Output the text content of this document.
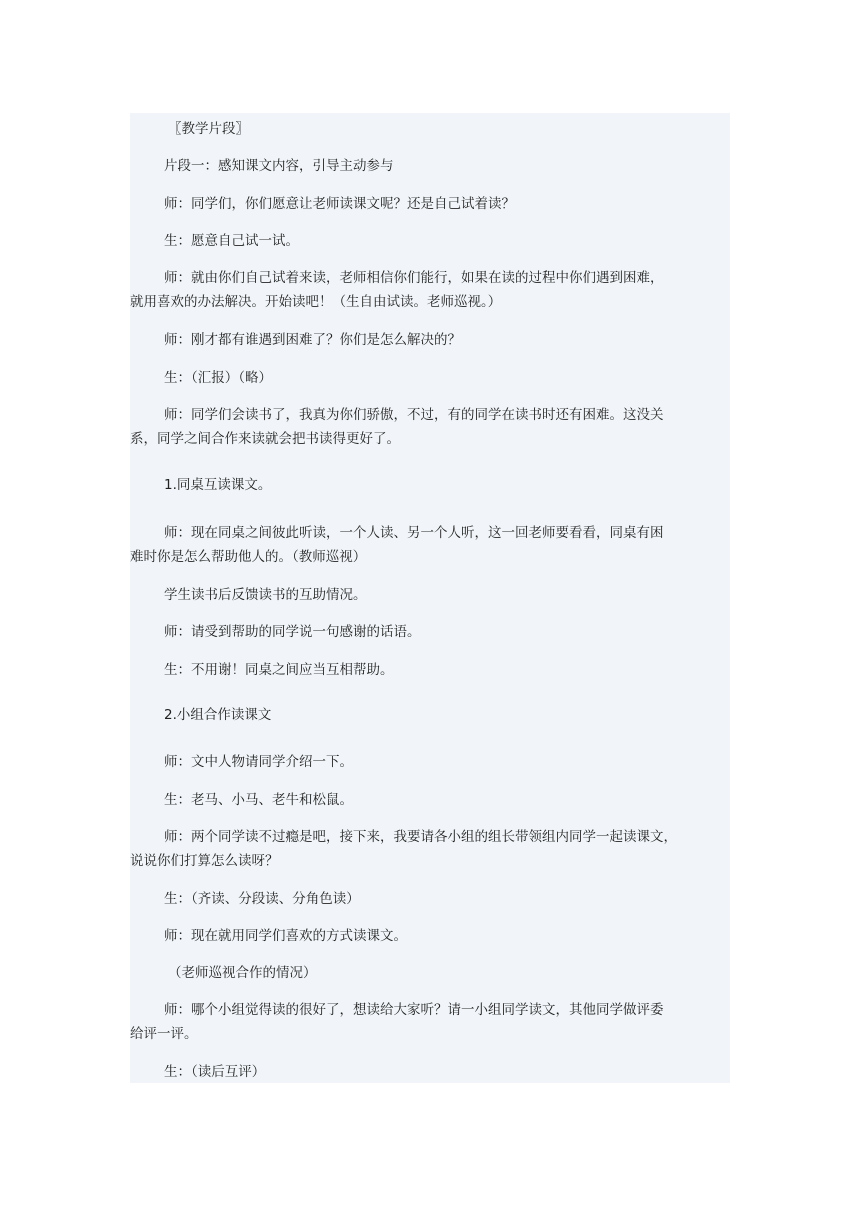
〖教学片段〗

片段一：感知课文内容，引导主动参与

师：同学们，你们愿意让老师读课文呢？还是自己试着读？

生：愿意自己试一试。

师：就由你们自己试着来读，老师相信你们能行，如果在读的过程中你们遇到困难，
就用喜欢的办法解决。开始读吧！（生自由试读。老师巡视。）

师：刚才都有谁遇到困难了？你们是怎么解决的？

生：（汇报）（略）

师：同学们会读书了，我真为你们骄傲，不过，有的同学在读书时还有困难。这没关
系，同学之间合作来读就会把书读得更好了。

1.同桌互读课文。

师：现在同桌之间彼此听读，一个人读、另一个人听，这一回老师要看看，同桌有困
难时你是怎么帮助他人的。（教师巡视）

学生读书后反馈读书的互助情况。

师：请受到帮助的同学说一句感谢的话语。

生：不用谢！同桌之间应当互相帮助。

2.小组合作读课文

师：文中人物请同学介绍一下。

生：老马、小马、老牛和松鼠。

师：两个同学读不过瘾是吧，接下来，我要请各小组的组长带领组内同学一起读课文，
说说你们打算怎么读呀？

生：（齐读、分段读、分角色读）

师：现在就用同学们喜欢的方式读课文。

（老师巡视合作的情况）

师：哪个小组觉得读的很好了，想读给大家听？请一小组同学读文，其他同学做评委
给评一评。

生：（读后互评）
